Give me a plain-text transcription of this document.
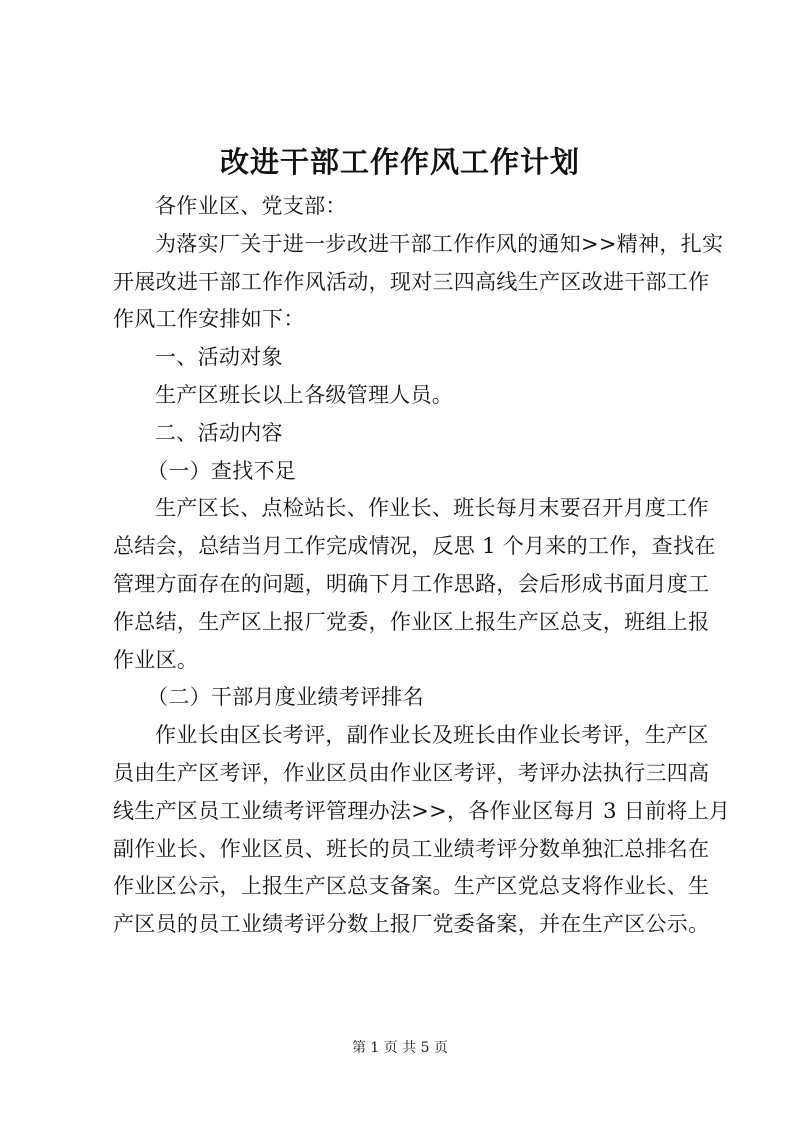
改进干部工作作风工作计划

各作业区、党支部：

为落实厂关于进一步改进干部工作作风的通知>>精神，扎实

开展改进干部工作作风活动，现对三四高线生产区改进干部工作

作风工作安排如下：

一、活动对象

生产区班长以上各级管理人员。

二、活动内容

（一）查找不足

生产区长、点检站长、作业长、班长每月末要召开月度工作

总结会，总结当月工作完成情况，反思 1 个月来的工作，查找在

管理方面存在的问题，明确下月工作思路，会后形成书面月度工

作总结，生产区上报厂党委，作业区上报生产区总支，班组上报

作业区。

（二）干部月度业绩考评排名

作业长由区长考评，副作业长及班长由作业长考评，生产区

员由生产区考评，作业区员由作业区考评，考评办法执行三四高

线生产区员工业绩考评管理办法>>，各作业区每月 3 日前将上月

副作业长、作业区员、班长的员工业绩考评分数单独汇总排名在

作业区公示，上报生产区总支备案。生产区党总支将作业长、生

产区员的员工业绩考评分数上报厂党委备案，并在生产区公示。

第 1 页 共 5 页
